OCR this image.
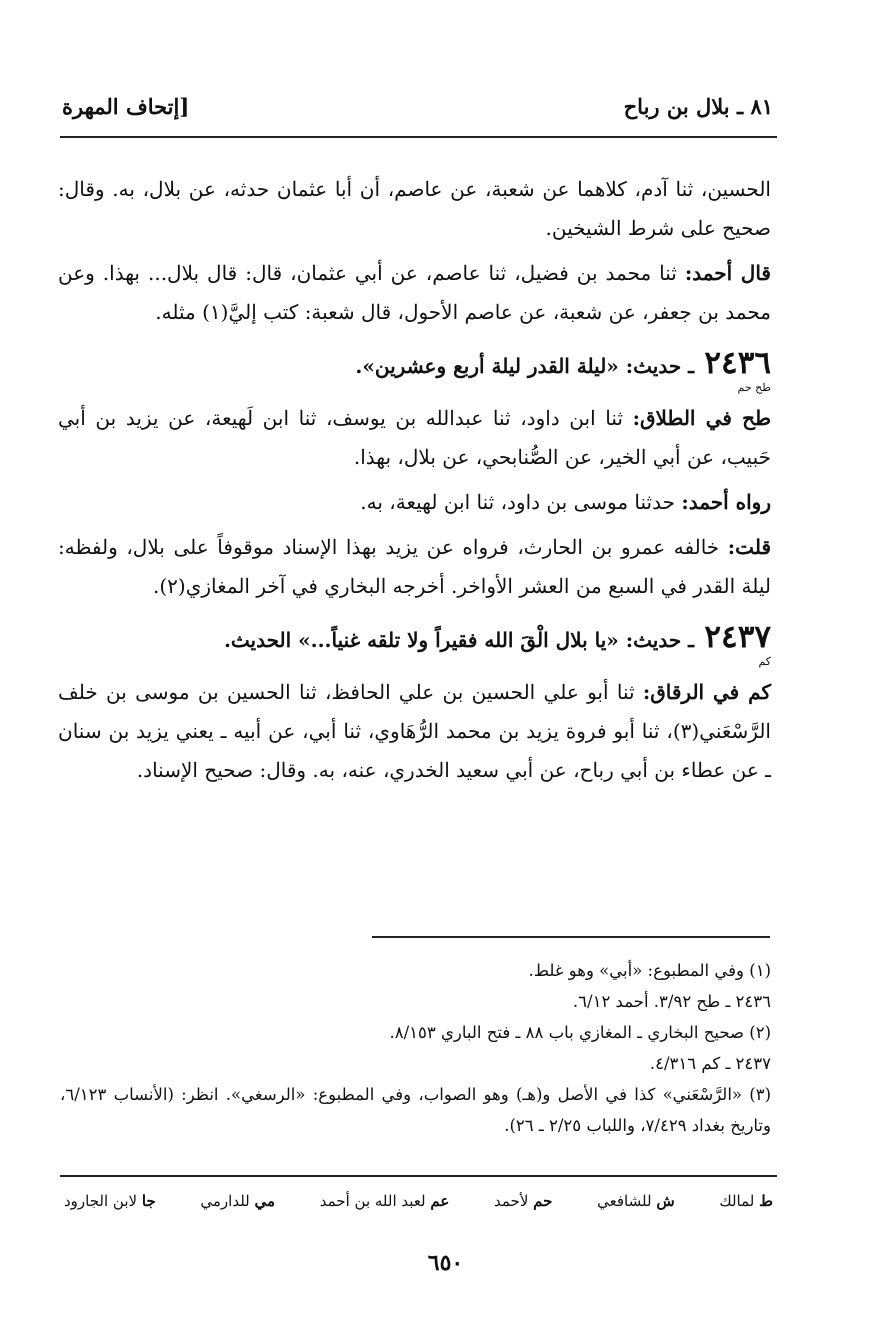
٨١ ـ بلال بن رباح
[إتحاف المهرة

الحسين، ثنا آدم، كلاهما عن شعبة، عن عاصم، أن أبا عثمان حدثه، عن بلال، به. وقال: صحيح على شرط الشيخين.

قال أحمد: ثنا محمد بن فضيل، ثنا عاصم، عن أبي عثمان، قال: قال بلال... بهذا. وعن محمد بن جعفر، عن شعبة، عن عاصم الأحول، قال شعبة: كتب إليَّ(١) مثله.

٢٤٣٦ ـ حديث: «ليلة القدر ليلة أربع وعشرين».
طح حم

طح في الطلاق: ثنا ابن داود، ثنا عبدالله بن يوسف، ثنا ابن لَهيعة، عن يزيد بن أبي حَبيب، عن أبي الخير، عن الصُّنابحي، عن بلال، بهذا.

رواه أحمد: حدثنا موسى بن داود، ثنا ابن لهيعة، به.

قلت: خالفه عمرو بن الحارث، فرواه عن يزيد بهذا الإسناد موقوفاً على بلال، ولفظه: ليلة القدر في السبع من العشر الأواخر. أخرجه البخاري في آخر المغازي(٢).

٢٤٣٧ ـ حديث: «يا بلال الْقَ الله فقيراً ولا تلقه غنياً...» الحديث.
كم

كم في الرقاق: ثنا أبو علي الحسين بن علي الحافظ، ثنا الحسين بن موسى بن خلف الرَّسْعَني(٣)، ثنا أبو فروة يزيد بن محمد الرُّهَاوي، ثنا أبي، عن أبيه ـ يعني يزيد بن سنان ـ عن عطاء بن أبي رباح، عن أبي سعيد الخدري، عنه، به. وقال: صحيح الإسناد.

(١) وفي المطبوع: «أبي» وهو غلط.
٢٤٣٦ ـ طح ٣/٩٢. أحمد ٦/١٢.
(٢) صحيح البخاري ـ المغازي باب ٨٨ ـ فتح الباري ٨/١٥٣.
٢٤٣٧ ـ كم ٤/٣١٦.
(٣) «الرَّسْعَني» كذا في الأصل و(هـ) وهو الصواب، وفي المطبوع: «الرسغي». انظر: (الأنساب ٦/١٢٣، وتاريخ بغداد ٧/٤٢٩، واللباب ٢/٢٥ ـ ٢٦).
ط لمالك
ش للشافعي
حم لأحمد
عم لعبد الله بن أحمد
مي للدارمي
جا لابن الجارود
٦٥٠
